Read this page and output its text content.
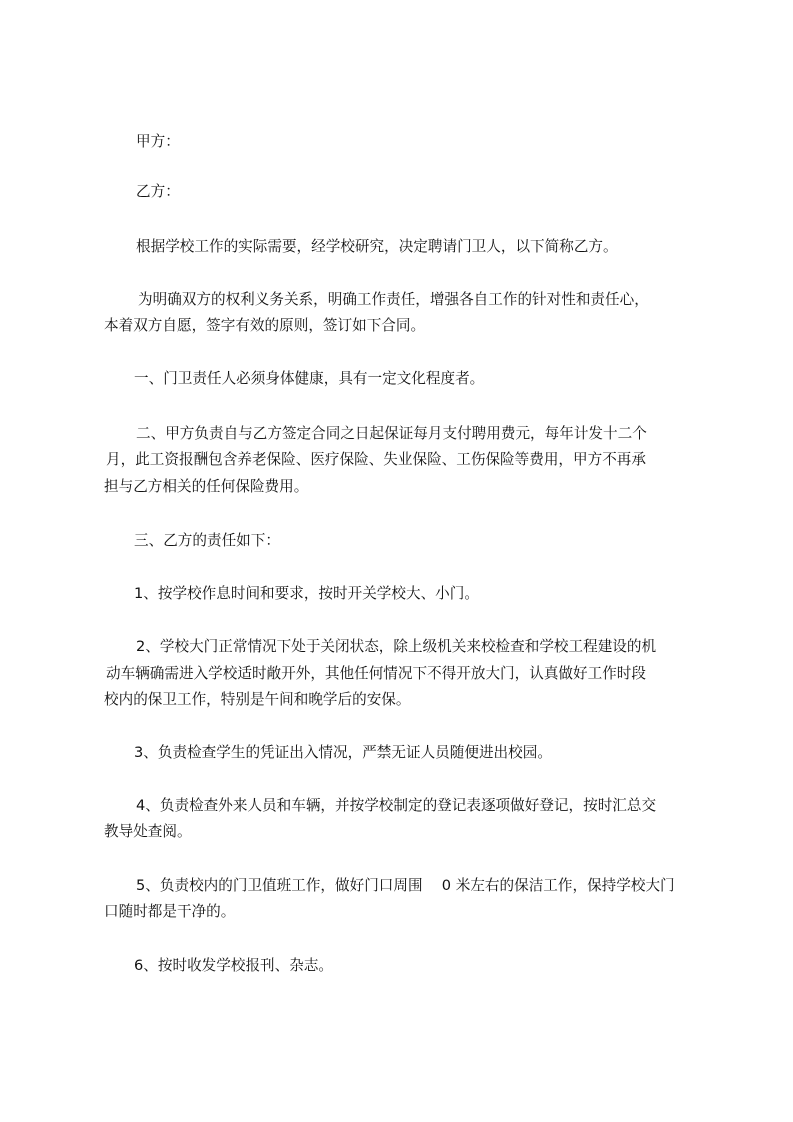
甲方：
乙方：
根据学校工作的实际需要，经学校研究，决定聘请门卫人，以下简称乙方。
为明确双方的权利义务关系，明确工作责任，增强各自工作的针对性和责任心，
本着双方自愿，签字有效的原则，签订如下合同。
一、门卫责任人必须身体健康，具有一定文化程度者。
二、甲方负责自与乙方签定合同之日起保证每月支付聘用费元，每年计发十二个
月，此工资报酬包含养老保险、医疗保险、失业保险、工伤保险等费用，甲方不再承
担与乙方相关的任何保险费用。
三、乙方的责任如下：
1、按学校作息时间和要求，按时开关学校大、小门。
2、学校大门正常情况下处于关闭状态，除上级机关来校检查和学校工程建设的机
动车辆确需进入学校适时敞开外，其他任何情况下不得开放大门，认真做好工作时段
校内的保卫工作，特别是午间和晚学后的安保。
3、负责检查学生的凭证出入情况，严禁无证人员随便进出校园。
4、负责检查外来人员和车辆，并按学校制定的登记表逐项做好登记，按时汇总交
教导处查阅。
5、负责校内的门卫值班工作，做好门口周围　 0 米左右的保洁工作，保持学校大门
口随时都是干净的。
6、按时收发学校报刊、杂志。
